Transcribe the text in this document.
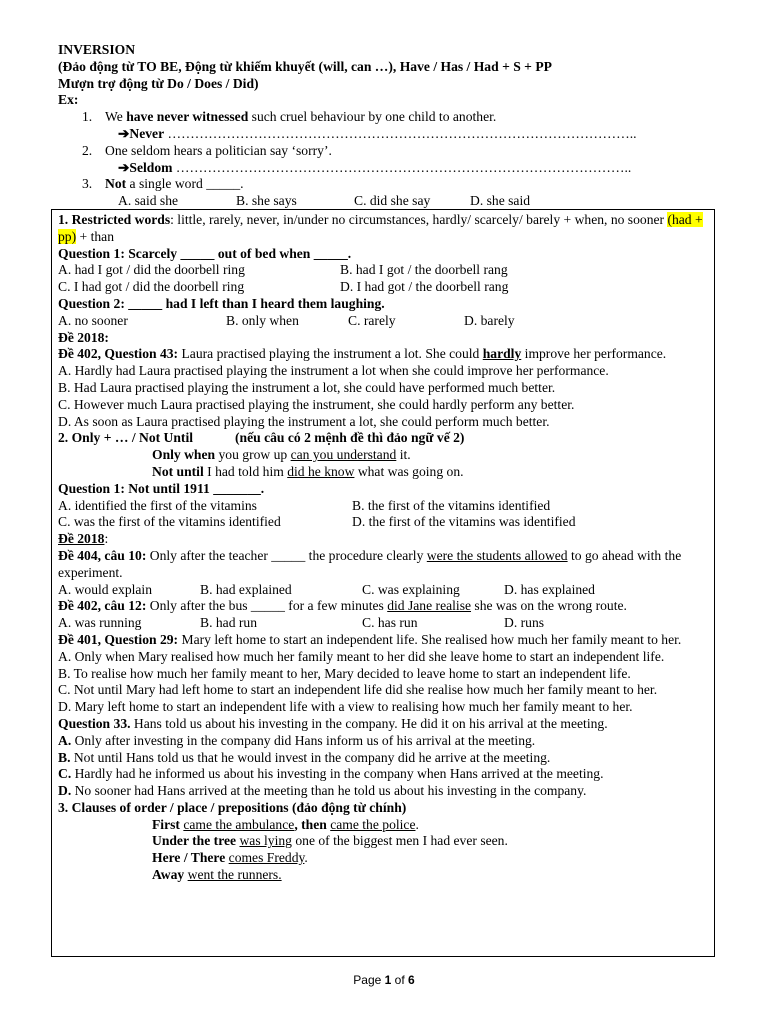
INVERSION
(Đảo động từ TO BE, Động từ khiếm khuyết (will, can …), Have / Has / Had + S + PP
Mượn trợ động từ Do / Does / Did)
Ex:
1. We have never witnessed such cruel behaviour by one child to another.
➔Never …………………………………………………………………………………………..
2. One seldom hears a politician say ‘sorry’.
➔Seldom ………………………………………………………………………………………..
3. Not a single word _____.
A. said she	B. she says	C. did she say	D. she said
1. Restricted words: little, rarely, never, in/under no circumstances, hardly/ scarcely/ barely + when, no sooner (had + pp) + than
Question 1: Scarcely _____ out of bed when _____.
A. had I got / did the doorbell ring	B. had I got / the doorbell rang
C. I had got / did the doorbell ring	D. I had got / the doorbell rang
Question 2: _____ had I left than I heard them laughing.
A. no sooner	B. only when	C. rarely	D. barely
Đề 2018:
Đề 402, Question 43: Laura practised playing the instrument a lot. She could hardly improve her performance.
A. Hardly had Laura practised playing the instrument a lot when she could improve her performance.
B. Had Laura practised playing the instrument a lot, she could have performed much better.
C. However much Laura practised playing the instrument, she could hardly perform any better.
D. As soon as Laura practised playing the instrument a lot, she could perform much better.
2. Only + … / Not Until	(nếu câu có 2 mệnh đề thì đảo ngữ vế 2)
Only when you grow up can you understand it.
Not until I had told him did he know what was going on.
Question 1: Not until 1911 _______.
A. identified the first of the vitamins	B. the first of the vitamins identified
C. was the first of the vitamins identified	D. the first of the vitamins was identified
Đề 2018:
Đề 404, câu 10: Only after the teacher _____ the procedure clearly were the students allowed to go ahead with the experiment.
A. would explain	B. had explained	C. was explaining	D. has explained
Đề 402, câu 12: Only after the bus _____ for a few minutes did Jane realise she was on the wrong route.
A. was running	B. had run	C. has run	D. runs
Đề 401, Question 29: Mary left home to start an independent life. She realised how much her family meant to her.
A. Only when Mary realised how much her family meant to her did she leave home to start an independent life.
B. To realise how much her family meant to her, Mary decided to leave home to start an independent life.
C. Not until Mary had left home to start an independent life did she realise how much her family meant to her.
D. Mary left home to start an independent life with a view to realising how much her family meant to her.
Question 33. Hans told us about his investing in the company. He did it on his arrival at the meeting.
A. Only after investing in the company did Hans inform us of his arrival at the meeting.
B. Not until Hans told us that he would invest in the company did he arrive at the meeting.
C. Hardly had he informed us about his investing in the company when Hans arrived at the meeting.
D. No sooner had Hans arrived at the meeting than he told us about his investing in the company.
3. Clauses of order / place / prepositions (đảo động từ chính)
First came the ambulance, then came the police.
Under the tree was lying one of the biggest men I had ever seen.
Here / There comes Freddy.
Away went the runners.
Page 1 of 6
